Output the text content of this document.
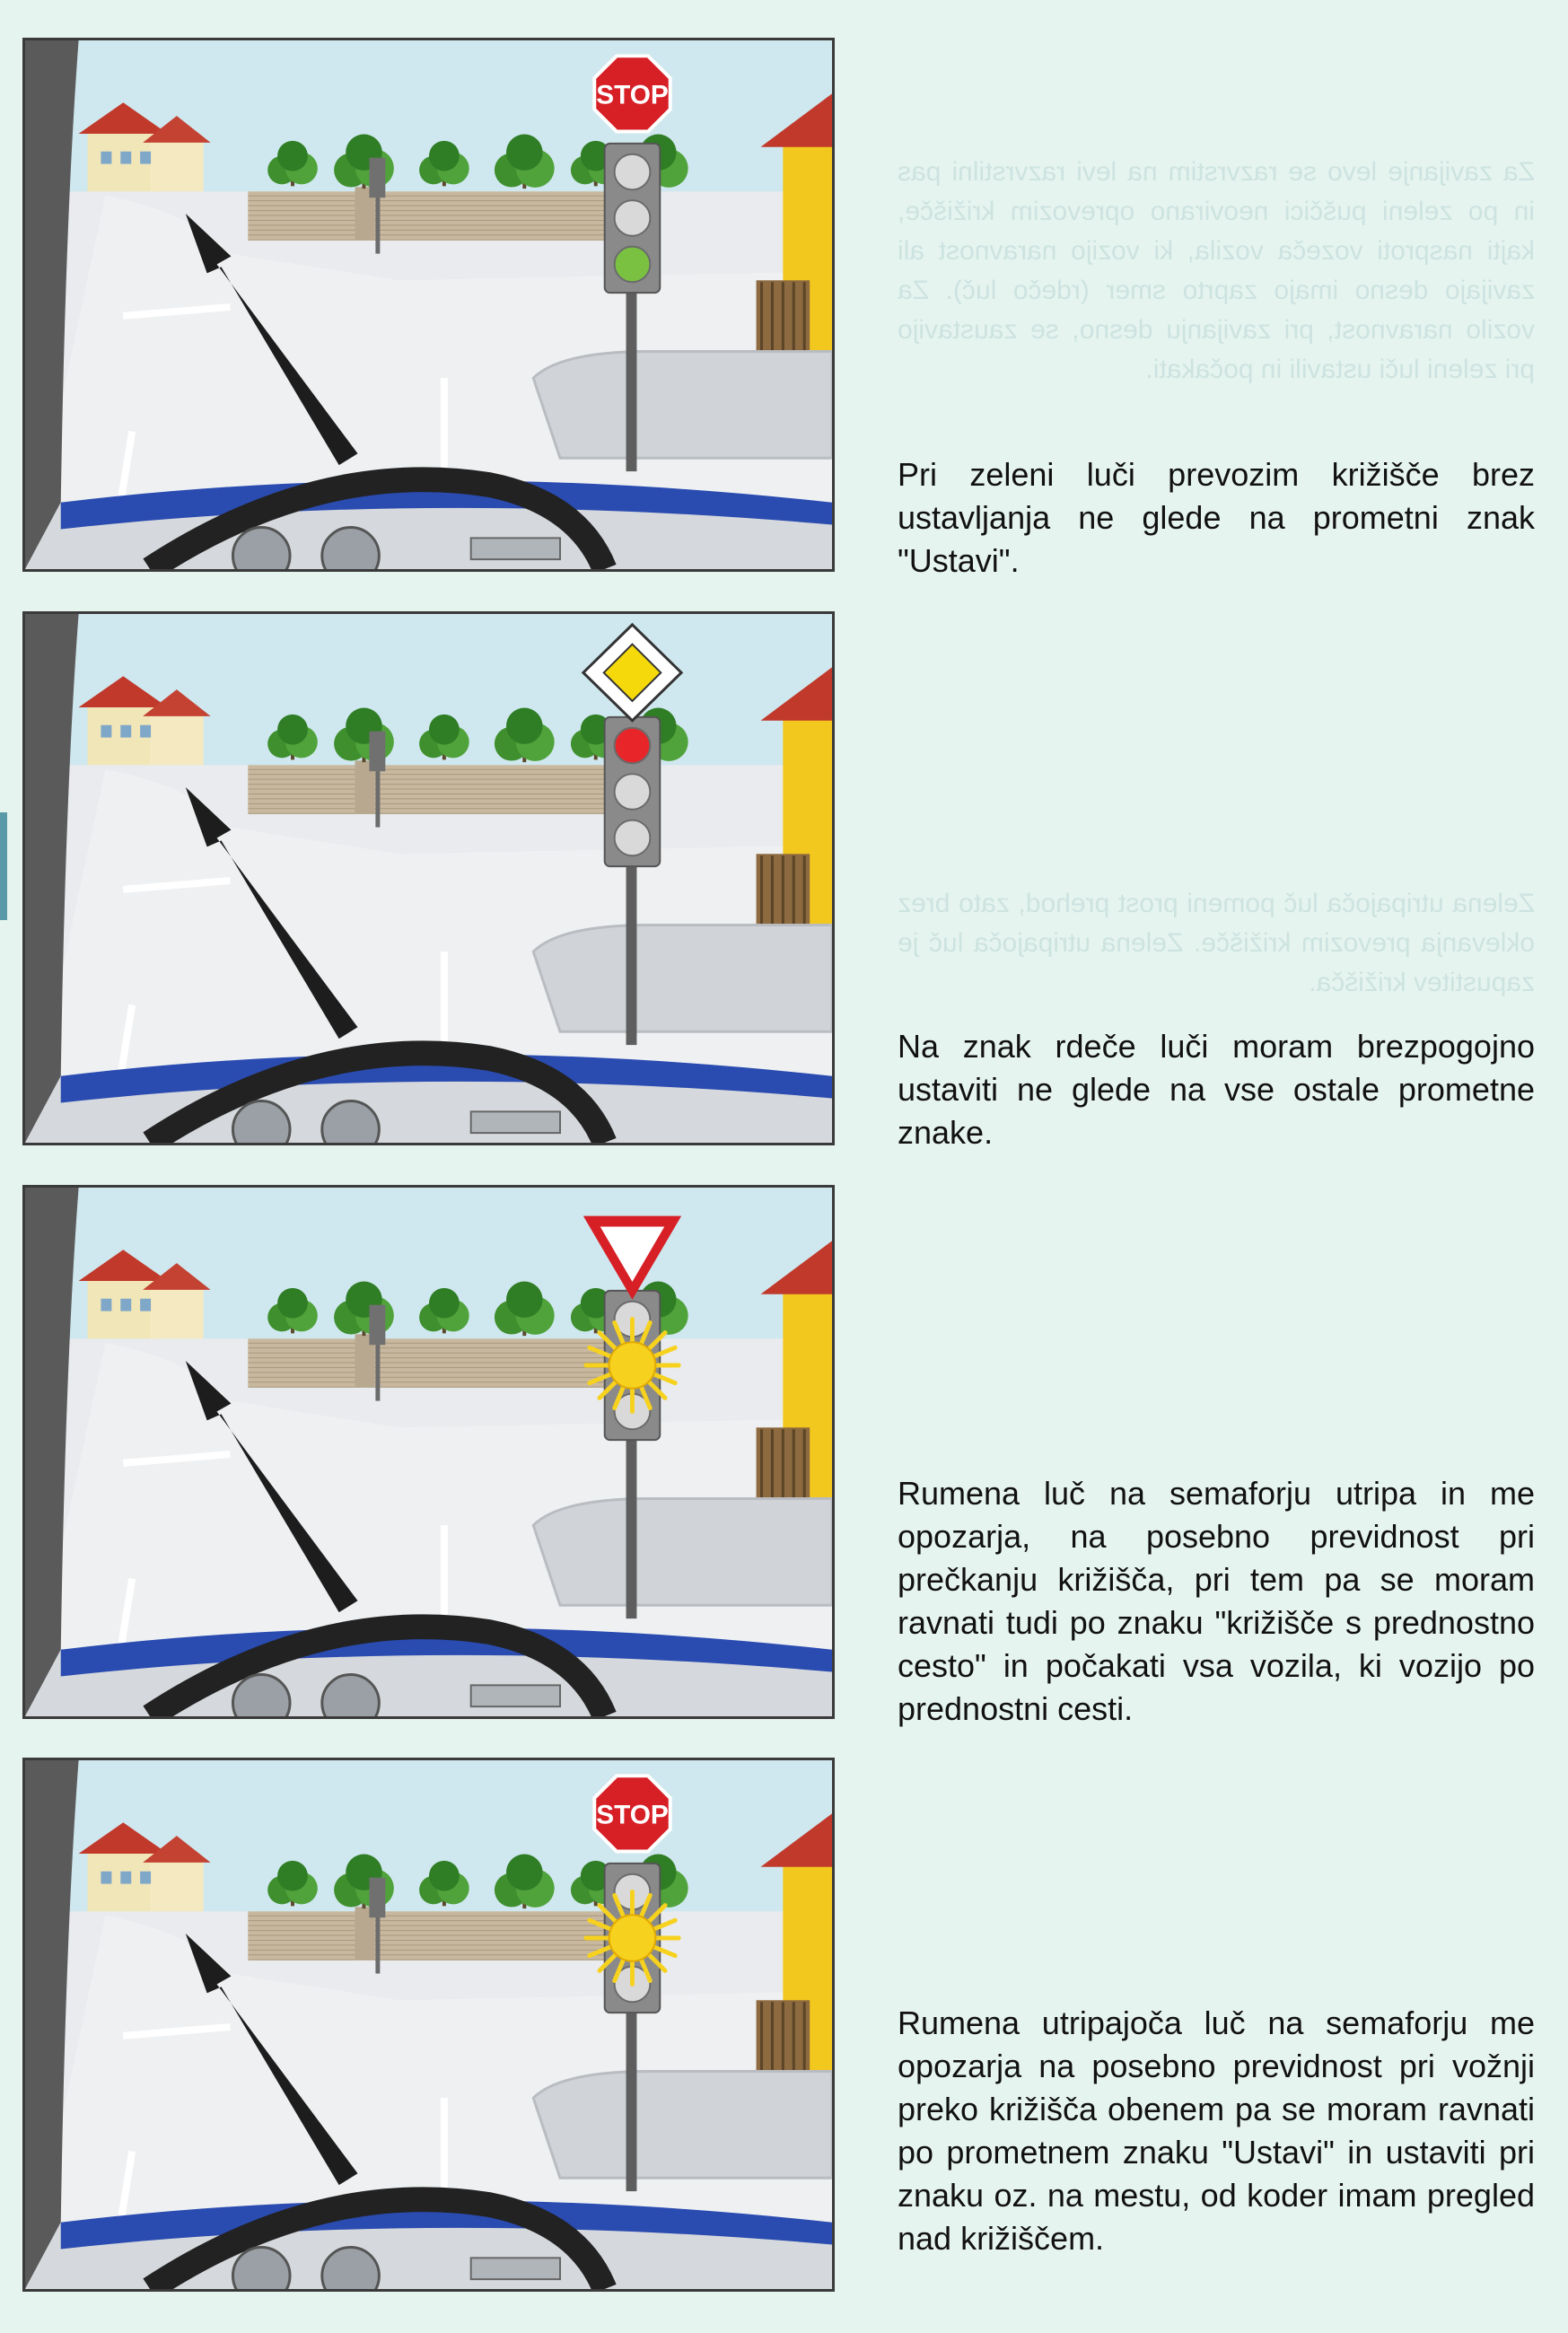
STOP
STOP

Za zavijanje levo se razvrstim na levi razvrstilni pas in po zeleni puščici neovirano oprevozim križišče, kajti nasproti vozeča vozila, ki vozijo naravnost ali zavijajo desno imajo zaprto smer (rdečo luč). Za vozilo naravnost, pri zavijanju desno, se zaustavijo pri zeleni luči ustavili in počakati.

Zelena utripajoča luč pomeni prost prehod, zato brez oklevanja prevozim križišče. Zelena utripajoča luč je zapustitev križišča.

Pri zeleni luči prevozim križišče brez ustavljanja ne glede na prometni znak "Ustavi".

Na znak rdeče luči moram brezpogojno ustaviti ne glede na vse ostale prometne znake.

Rumena luč na semaforju utripa in me opozarja, na posebno previdnost pri prečkanju križišča, pri tem pa se moram ravnati tudi po znaku "križišče s prednostno cesto" in počakati vsa vozila, ki vozijo po prednostni cesti.

Rumena utripajoča luč na semaforju me opozarja na posebno previdnost pri vožnji preko križišča obenem pa se moram ravnati po prometnem znaku "Ustavi" in ustaviti pri znaku oz. na mestu, od koder imam pregled nad križiščem.
